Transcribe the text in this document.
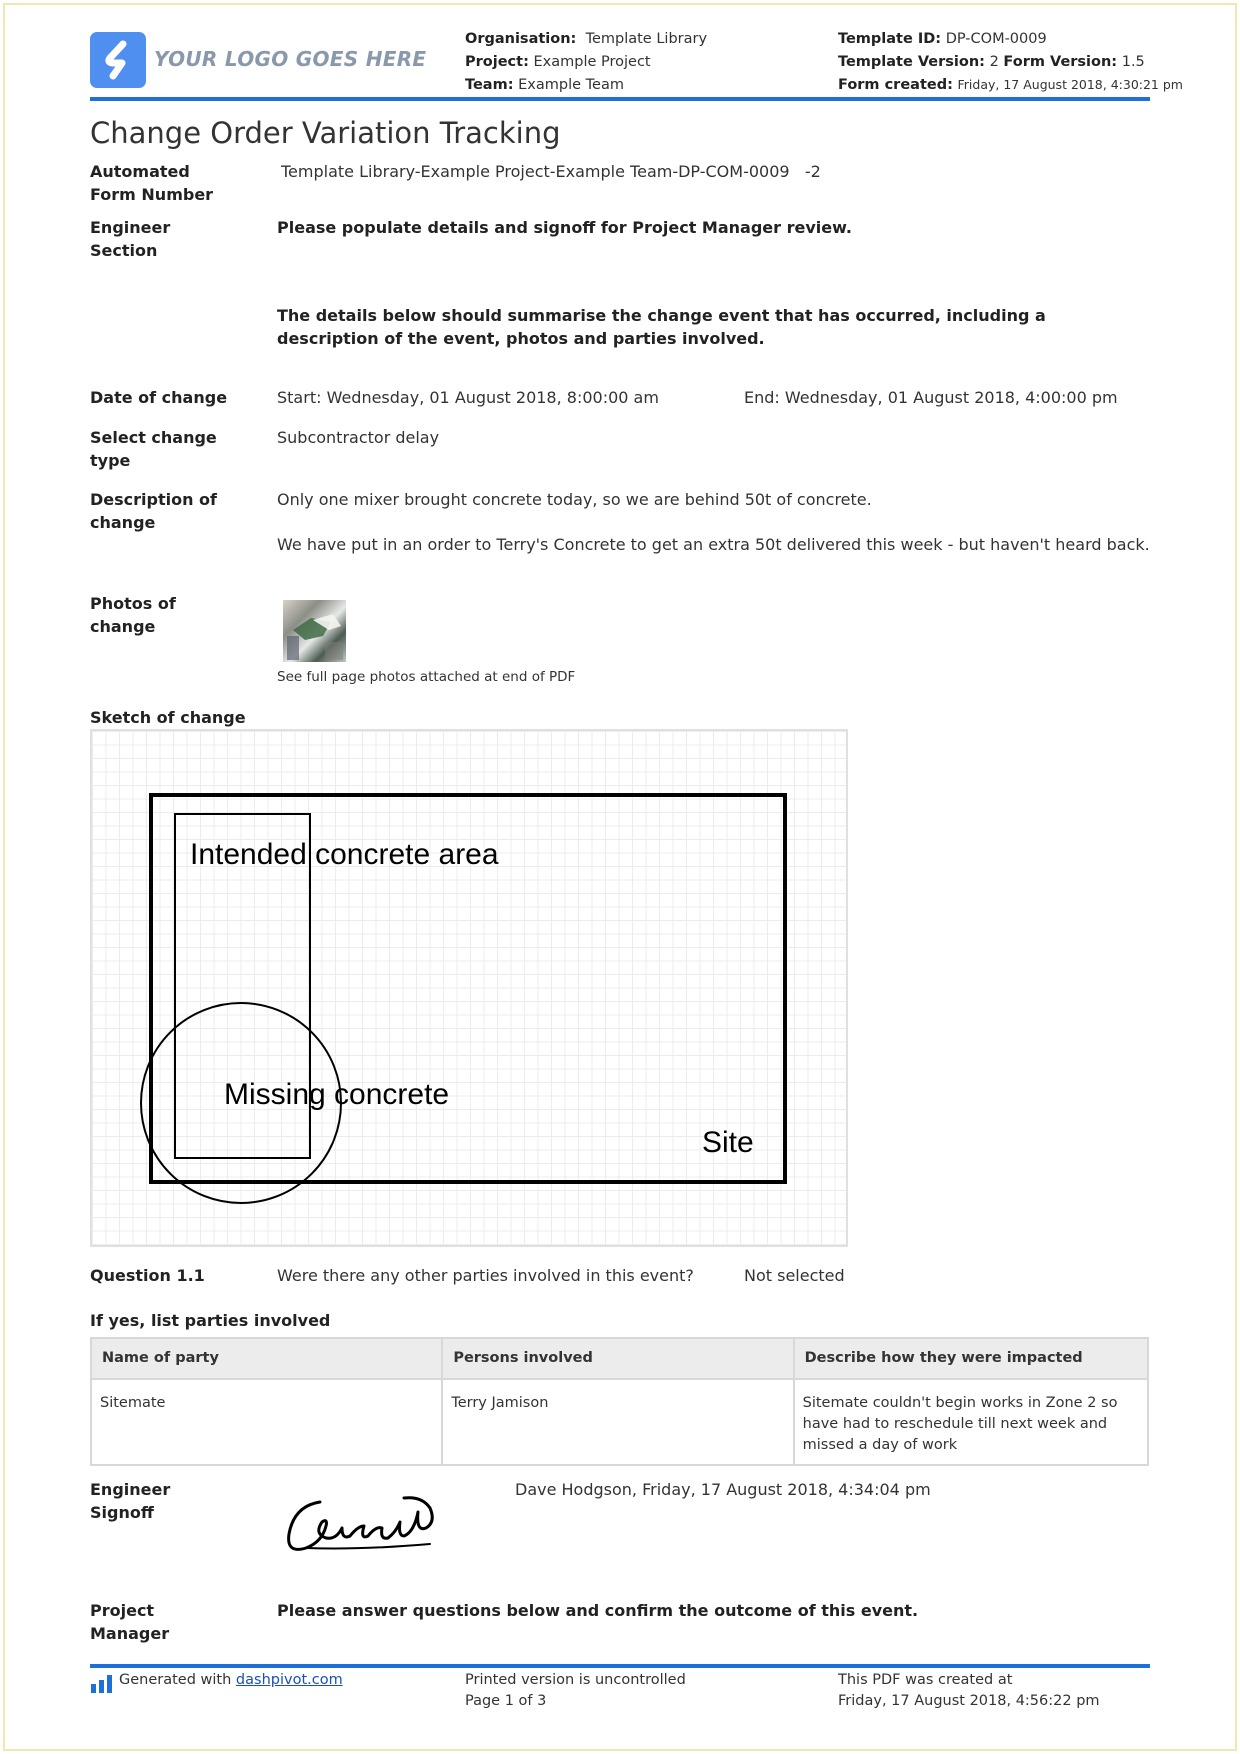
YOUR LOGO GOES HERE
Organisation: Template Library
Project: Example Project
Team: Example Team
Template ID: DP-COM-0009
Template Version: 2 Form Version: 1.5
Form created: Friday, 17 August 2018, 4:30:21 pm
Change Order Variation Tracking
Automated
Form Number
Template Library-Example Project-Example Team-DP-COM-0009   -2
Engineer
Section
Please populate details and signoff for Project Manager review.
The details below should summarise the change event that has occurred, including a description of the event, photos and parties involved.
Date of change	Start: Wednesday, 01 August 2018, 8:00:00 am	End: Wednesday, 01 August 2018, 4:00:00 pm
Select change
type
Subcontractor delay
Description of
change
Only one mixer brought concrete today, so we are behind 50t of concrete.
We have put in an order to Terry's Concrete to get an extra 50t delivered this week - but haven't heard back.
Photos of
change
See full page photos attached at end of PDF
Sketch of change
Intended concrete area
Missing concrete
Site
Question 1.1	Were there any other parties involved in this event?	Not selected
If yes, list parties involved
Name of party	Persons involved	Describe how they were impacted
Sitemate	Terry Jamison	Sitemate couldn't begin works in Zone 2 so have had to reschedule till next week and missed a day of work
Engineer
Signoff
Dave Hodgson, Friday, 17 August 2018, 4:34:04 pm
Project
Manager
Please answer questions below and confirm the outcome of this event.
Generated with dashpivot.com	Printed version is uncontrolled
Page 1 of 3
This PDF was created at
Friday, 17 August 2018, 4:56:22 pm
